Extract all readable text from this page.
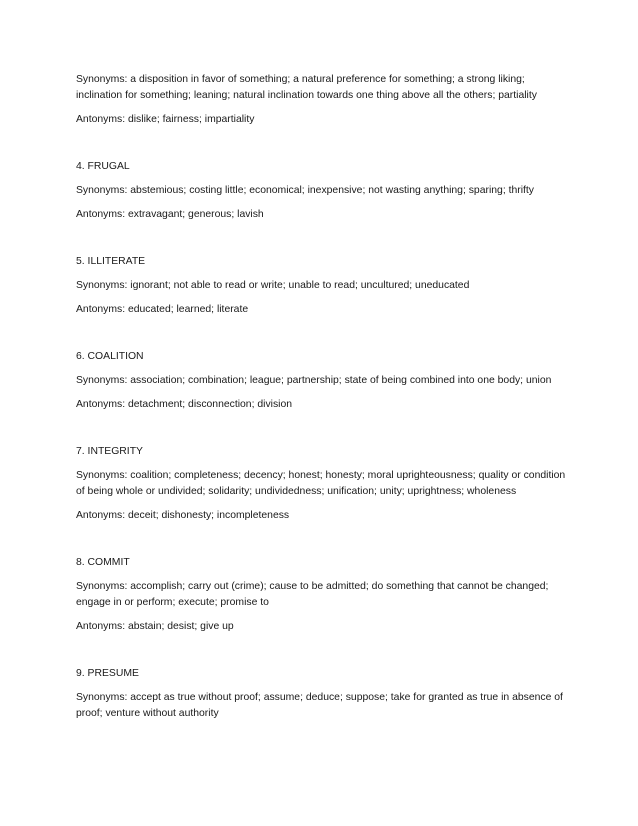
Synonyms: a disposition in favor of something; a natural preference for something; a strong liking; inclination for something; leaning; natural inclination towards one thing above all the others; partiality

Antonyms: dislike; fairness; impartiality

4. FRUGAL

Synonyms: abstemious; costing little; economical; inexpensive; not wasting anything; sparing; thrifty

Antonyms: extravagant; generous; lavish

5. ILLITERATE

Synonyms: ignorant; not able to read or write; unable to read; uncultured; uneducated

Antonyms: educated; learned; literate

6. COALITION

Synonyms: association; combination; league; partnership; state of being combined into one body; union

Antonyms: detachment; disconnection; division

7. INTEGRITY

Synonyms: coalition; completeness; decency; honest; honesty; moral uprighteousness; quality or condition of being whole or undivided; solidarity; undividedness; unification; unity; uprightness; wholeness

Antonyms: deceit; dishonesty; incompleteness

8. COMMIT

Synonyms: accomplish; carry out (crime); cause to be admitted; do something that cannot be changed; engage in or perform; execute; promise to

Antonyms: abstain; desist; give up

9. PRESUME

Synonyms: accept as true without proof; assume; deduce; suppose; take for granted as true in absence of proof; venture without authority
